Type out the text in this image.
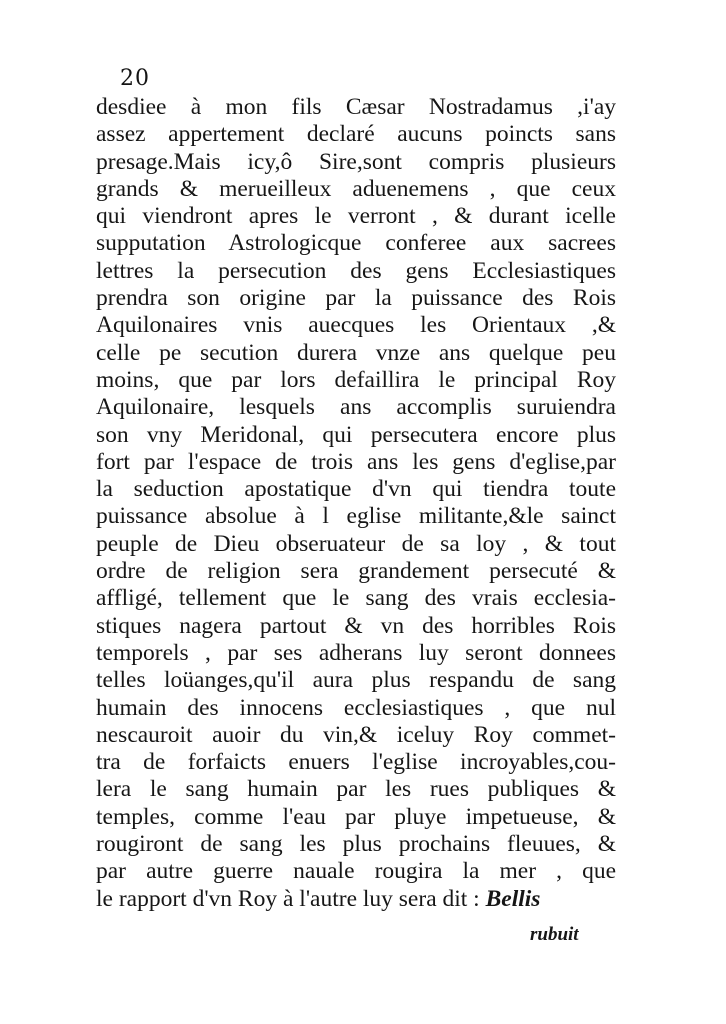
20
desdiee à mon fils Cæsar Nostradamus ,i'ay
assez appertement declaré aucuns poincts sans
presage.Mais icy,ô Sire,sont compris plusieurs
grands & merueilleux aduenemens , que ceux
qui viendront apres le verront , & durant icelle
supputation Astrologicque conferee aux sacrees
lettres la persecution des gens Ecclesiastiques
prendra son origine par la puissance des Rois
Aquilonaires vnis auecques les Orientaux ,&
celle pe secution durera vnze ans quelque peu
moins, que par lors defaillira le principal Roy
Aquilonaire, lesquels ans accomplis suruiendra
son vny Meridonal, qui persecutera encore plus
fort par l'espace de trois ans les gens d'eglise,par
la seduction apostatique d'vn qui tiendra toute
puissance absolue à l eglise militante,&le sainct
peuple de Dieu obseruateur de sa loy , & tout
ordre de religion sera grandement persecuté &
affligé, tellement que le sang des vrais ecclesia-
stiques nagera partout & vn des horribles Rois
temporels , par ses adherans luy seront donnees
telles loüanges,qu'il aura plus respandu de sang
humain des innocens ecclesiastiques , que nul
nescauroit auoir du vin,& iceluy Roy commet-
tra de forfaicts enuers l'eglise incroyables,cou-
lera le sang humain par les rues publiques &
temples, comme l'eau par pluye impetueuse, &
rougiront de sang les plus prochains fleuues, &
par autre guerre nauale rougira la mer , que
le rapport d'vn Roy à l'autre luy sera dit : Bellis
rubuit
